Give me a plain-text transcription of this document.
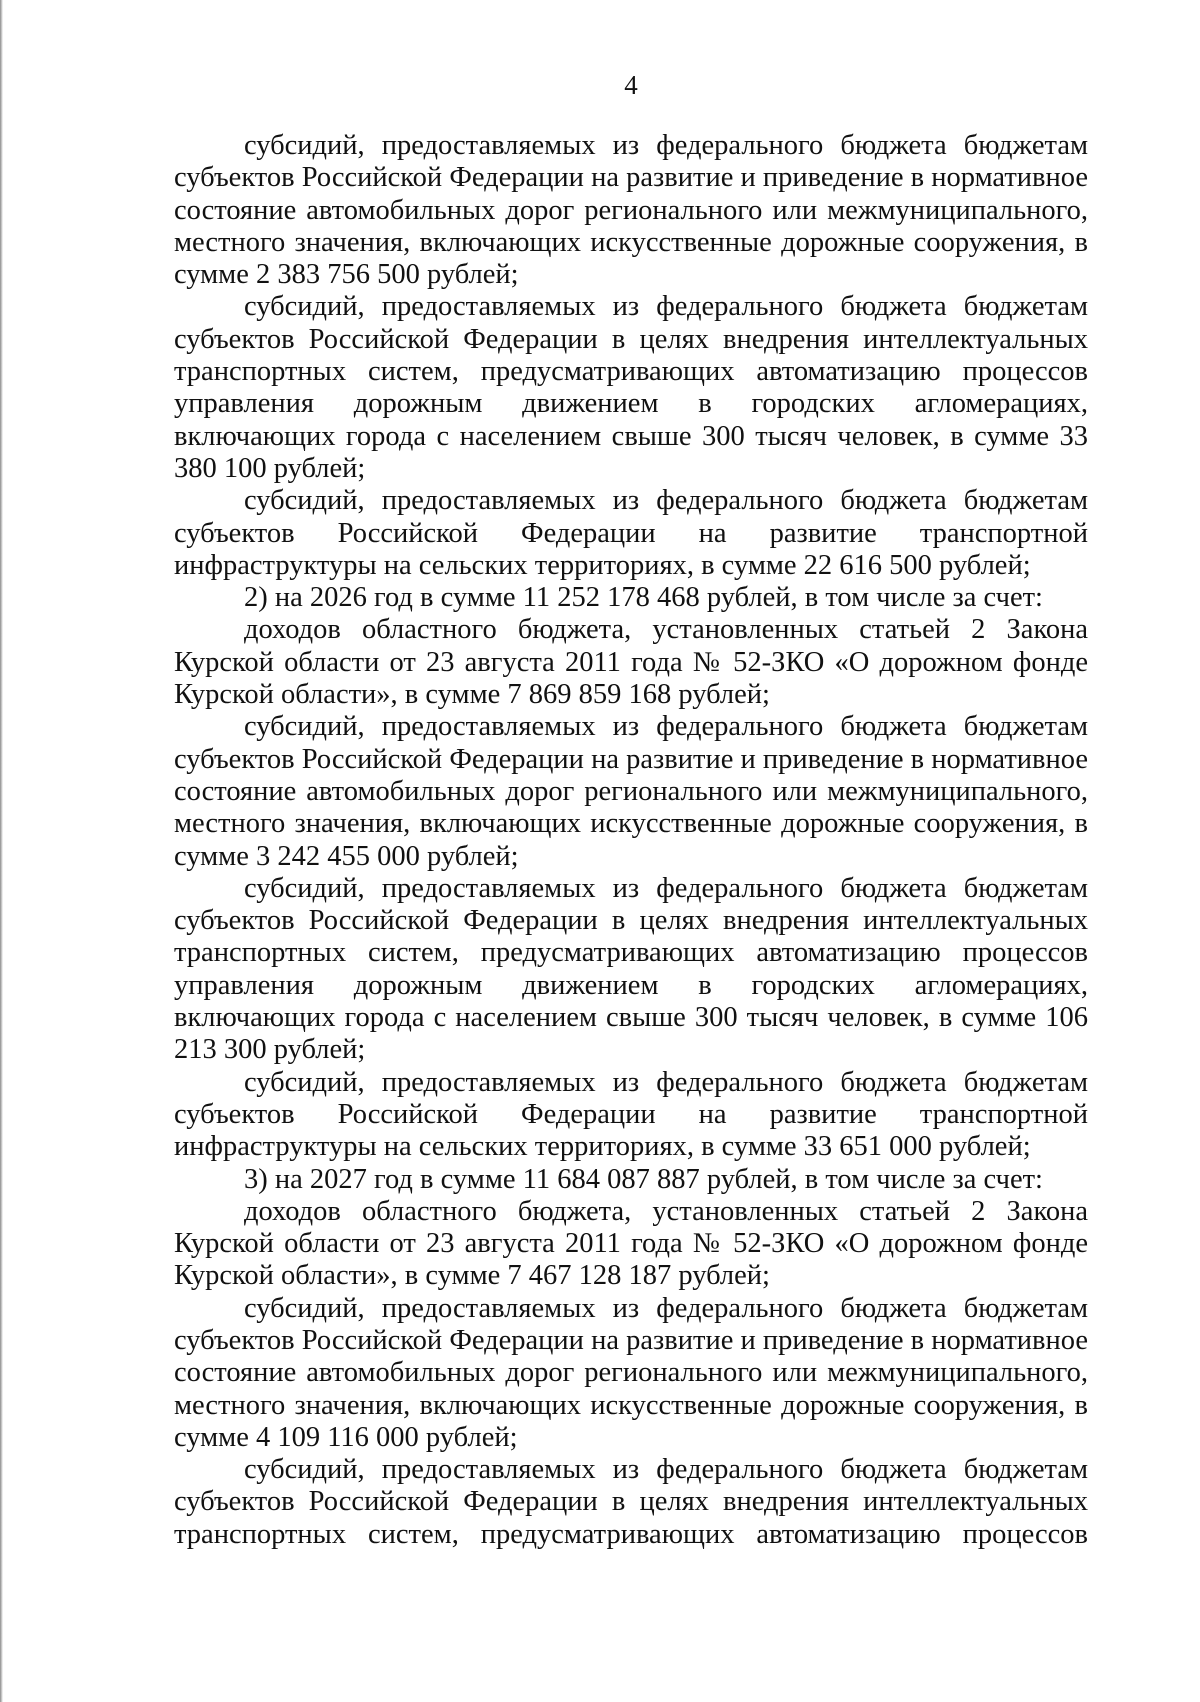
4

субсидий, предоставляемых из федерального бюджета бюджетам субъектов Российской Федерации на развитие и приведение в нормативное состояние автомобильных дорог регионального или межмуниципального, местного значения, включающих искусственные дорожные сооружения, в сумме 2 383 756 500 рублей;

субсидий, предоставляемых из федерального бюджета бюджетам субъектов Российской Федерации в целях внедрения интеллектуальных транспортных систем, предусматривающих автоматизацию процессов управления дорожным движением в городских агломерациях, включающих города с населением свыше 300 тысяч человек, в сумме 33 380 100 рублей;

субсидий, предоставляемых из федерального бюджета бюджетам субъектов Российской Федерации на развитие транспортной инфраструктуры на сельских территориях, в сумме 22 616 500 рублей;

2) на 2026 год в сумме 11 252 178 468 рублей, в том числе за счет:

доходов областного бюджета, установленных статьей 2 Закона Курской области от 23 августа 2011 года № 52-ЗКО «О дорожном фонде Курской области», в сумме 7 869 859 168 рублей;

субсидий, предоставляемых из федерального бюджета бюджетам субъектов Российской Федерации на развитие и приведение в нормативное состояние автомобильных дорог регионального или межмуниципального, местного значения, включающих искусственные дорожные сооружения, в сумме 3 242 455 000 рублей;

субсидий, предоставляемых из федерального бюджета бюджетам субъектов Российской Федерации в целях внедрения интеллектуальных транспортных систем, предусматривающих автоматизацию процессов управления дорожным движением в городских агломерациях, включающих города с населением свыше 300 тысяч человек, в сумме 106 213 300 рублей;

субсидий, предоставляемых из федерального бюджета бюджетам субъектов Российской Федерации на развитие транспортной инфраструктуры на сельских территориях, в сумме 33 651 000 рублей;

3) на 2027 год в сумме 11 684 087 887 рублей, в том числе за счет:

доходов областного бюджета, установленных статьей 2 Закона Курской области от 23 августа 2011 года № 52-ЗКО «О дорожном фонде Курской области», в сумме 7 467 128 187 рублей;

субсидий, предоставляемых из федерального бюджета бюджетам субъектов Российской Федерации на развитие и приведение в нормативное состояние автомобильных дорог регионального или межмуниципального, местного значения, включающих искусственные дорожные сооружения, в сумме 4 109 116 000 рублей;

субсидий, предоставляемых из федерального бюджета бюджетам субъектов Российской Федерации в целях внедрения интеллектуальных транспортных систем, предусматривающих автоматизацию процессов
